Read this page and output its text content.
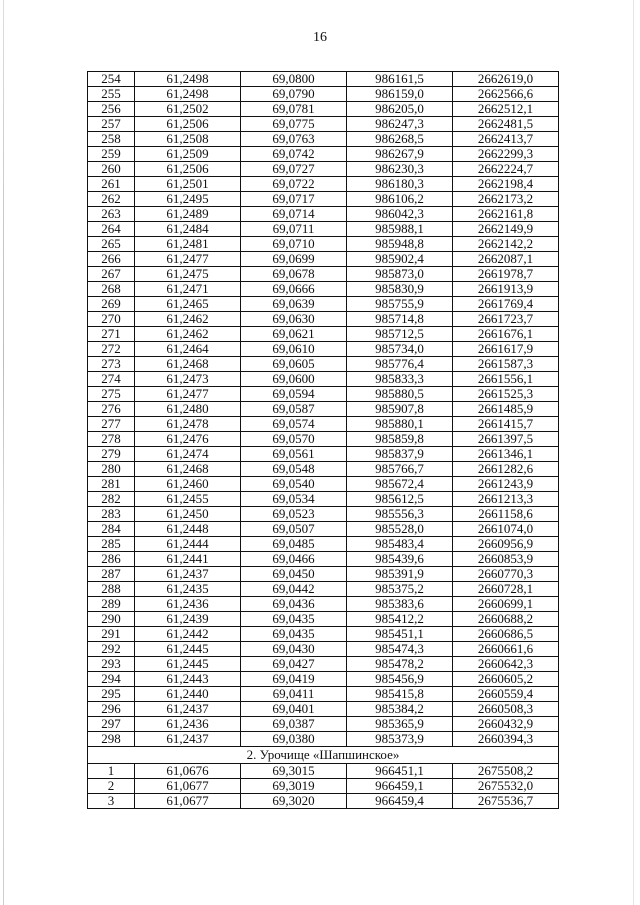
16
254	61,2498	69,0800	986161,5	2662619,0
255	61,2498	69,0790	986159,0	2662566,6
256	61,2502	69,0781	986205,0	2662512,1
257	61,2506	69,0775	986247,3	2662481,5
258	61,2508	69,0763	986268,5	2662413,7
259	61,2509	69,0742	986267,9	2662299,3
260	61,2506	69,0727	986230,3	2662224,7
261	61,2501	69,0722	986180,3	2662198,4
262	61,2495	69,0717	986106,2	2662173,2
263	61,2489	69,0714	986042,3	2662161,8
264	61,2484	69,0711	985988,1	2662149,9
265	61,2481	69,0710	985948,8	2662142,2
266	61,2477	69,0699	985902,4	2662087,1
267	61,2475	69,0678	985873,0	2661978,7
268	61,2471	69,0666	985830,9	2661913,9
269	61,2465	69,0639	985755,9	2661769,4
270	61,2462	69,0630	985714,8	2661723,7
271	61,2462	69,0621	985712,5	2661676,1
272	61,2464	69,0610	985734,0	2661617,9
273	61,2468	69,0605	985776,4	2661587,3
274	61,2473	69,0600	985833,3	2661556,1
275	61,2477	69,0594	985880,5	2661525,3
276	61,2480	69,0587	985907,8	2661485,9
277	61,2478	69,0574	985880,1	2661415,7
278	61,2476	69,0570	985859,8	2661397,5
279	61,2474	69,0561	985837,9	2661346,1
280	61,2468	69,0548	985766,7	2661282,6
281	61,2460	69,0540	985672,4	2661243,9
282	61,2455	69,0534	985612,5	2661213,3
283	61,2450	69,0523	985556,3	2661158,6
284	61,2448	69,0507	985528,0	2661074,0
285	61,2444	69,0485	985483,4	2660956,9
286	61,2441	69,0466	985439,6	2660853,9
287	61,2437	69,0450	985391,9	2660770,3
288	61,2435	69,0442	985375,2	2660728,1
289	61,2436	69,0436	985383,6	2660699,1
290	61,2439	69,0435	985412,2	2660688,2
291	61,2442	69,0435	985451,1	2660686,5
292	61,2445	69,0430	985474,3	2660661,6
293	61,2445	69,0427	985478,2	2660642,3
294	61,2443	69,0419	985456,9	2660605,2
295	61,2440	69,0411	985415,8	2660559,4
296	61,2437	69,0401	985384,2	2660508,3
297	61,2436	69,0387	985365,9	2660432,9
298	61,2437	69,0380	985373,9	2660394,3
2. Урочище «Шапшинское»				
1	61,0676	69,3015	966451,1	2675508,2
2	61,0677	69,3019	966459,1	2675532,0
3	61,0677	69,3020	966459,4	2675536,7
